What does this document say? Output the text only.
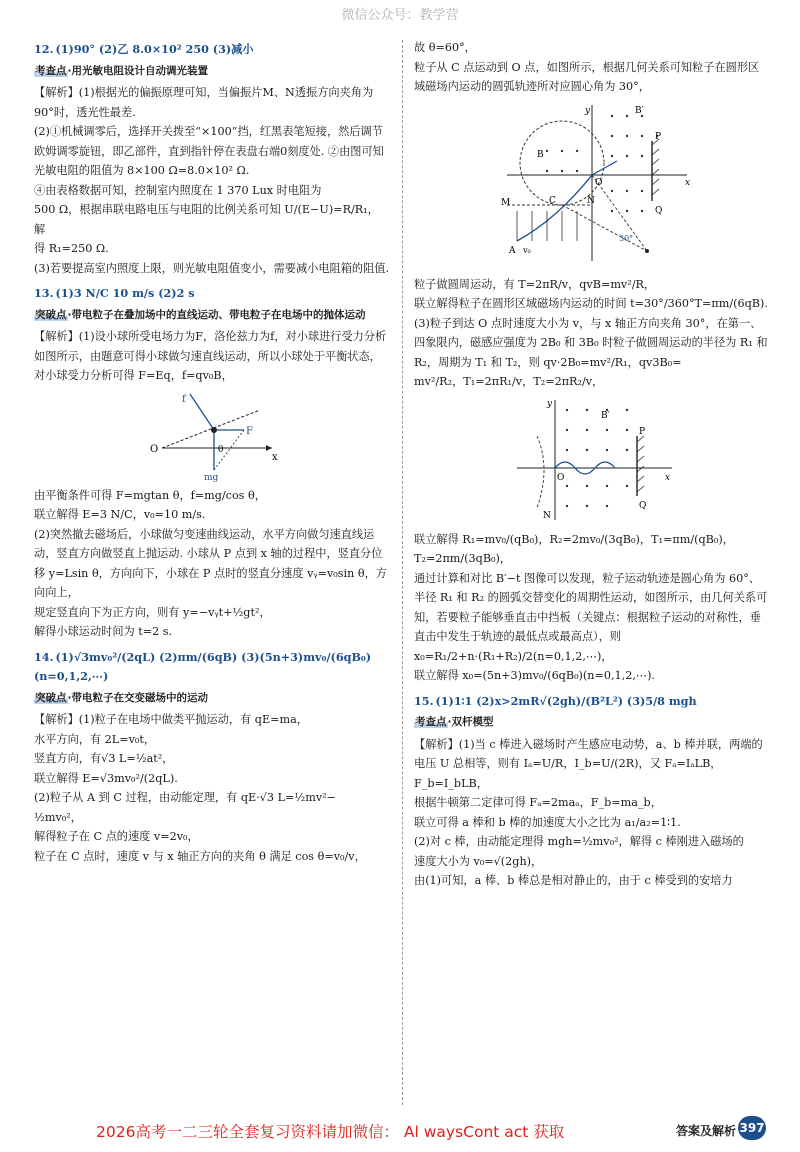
微信公众号：教学营

12. (1)90° (2)乙 8.0×10² 250 (3)减小

考查点·用光敏电阻设计自动调光装置

【解析】(1)根据光的偏振原理可知，当偏振片M、N透振方向夹角为90°时，透光性最差.

(2)①机械调零后，选择开关拨至“×100”挡，红黑表笔短接，然后调节欧姆调零旋钮，即乙部件，直到指针停在表盘右端0刻度处. ②由图可知光敏电阻的阻值为 8×100 Ω=8.0×10² Ω.

④由表格数据可知，控制室内照度在 1 370 Lux 时电阻为

500 Ω，根据串联电路电压与电阻的比例关系可知 U/(E−U)=R/R₁，解

得 R₁=250 Ω.

(3)若要提高室内照度上限，则光敏电阻值变小，需要减小电阻箱的阻值.

13. (1)3 N/C 10 m/s (2)2 s

突破点·带电粒子在叠加场中的直线运动、带电粒子在电场中的抛体运动

【解析】(1)设小球所受电场力为F，洛伦兹力为f，对小球进行受力分析如图所示，由题意可得小球做匀速直线运动，所以小球处于平衡状态，对小球受力分析可得 F=Eq，f=qv₀B，

f
F
θ
O
x
mg

由平衡条件可得 F=mgtan θ，f=mg/cos θ，

联立解得 E=3 N/C，v₀=10 m/s.

(2)突然撤去磁场后，小球做匀变速曲线运动，水平方向做匀速直线运动，竖直方向做竖直上抛运动. 小球从 P 点到 x 轴的过程中，竖直分位移 y=Lsin θ，方向向下，小球在 P 点时的竖直分速度 vᵧ=v₀sin θ，方向向上，

规定竖直向下为正方向，则有 y=−vᵧt+½gt²，

解得小球运动时间为 t=2 s.

14. (1)√3mv₀²/(2qL) (2)πm/(6qB) (3)(5n+3)mv₀/(6qB₀)(n=0,1,2,⋯)

突破点·带电粒子在交变磁场中的运动

【解析】(1)粒子在电场中做类平抛运动，有 qE=ma，

水平方向，有 2L=v₀t，

竖直方向，有√3 L=½at²，

联立解得 E=√3mv₀²/(2qL).

(2)粒子从 A 到 C 过程，由动能定理，有 qE·√3 L=½mv²−

½mv₀²，

解得粒子在 C 点的速度 v=2v₀，

粒子在 C 点时，速度 v 与 x 轴正方向的夹角 θ 满足 cos θ=v₀/v，

故 θ=60°，

粒子从 C 点运动到 O 点，如图所示，根据几何关系可知粒子在圆形区域磁场内运动的圆弧轨迹所对应圆心角为 30°，

y	B′
B
P
O	x
M	C	N
Q
A v₀
30°

粒子做圆周运动，有 T=2πR/v，qvB=mv²/R，

联立解得粒子在圆形区域磁场内运动的时间 t=30°/360°T=πm/(6qB).

(3)粒子到达 O 点时速度大小为 v，与 x 轴正方向夹角 30°，在第一、四象限内，磁感应强度为 2B₀ 和 3B₀ 时粒子做圆周运动的半径为 R₁ 和 R₂，周期为 T₁ 和 T₂，则 qv·2B₀=mv²/R₁，qv3B₀=

mv²/R₂，T₁=2πR₁/v，T₂=2πR₂/v，

y
B′
P
O	x
N
Q

联立解得 R₁=mv₀/(qB₀)，R₂=2mv₀/(3qB₀)，T₁=πm/(qB₀)，T₂=2πm/(3qB₀)，

通过计算和对比 B′−t 图像可以发现，粒子运动轨迹是圆心角为 60°、半径 R₁ 和 R₂ 的圆弧交替变化的周期性运动，如图所示，由几何关系可知，若要粒子能够垂直击中挡板（关键点：根据粒子运动的对称性，垂直击中发生于轨迹的最低点或最高点），则

x₀=R₁/2+n·(R₁+R₂)/2(n=0,1,2,⋯)，

联立解得 x₀=(5n+3)mv₀/(6qB₀)(n=0,1,2,⋯).

15. (1)1∶1 (2)x>2mR√(2gh)/(B²L²) (3)5/8 mgh

考查点·双杆模型

【解析】(1)当 c 棒进入磁场时产生感应电动势，a、b 棒并联，两端的电压 U 总相等，则有 Iₐ=U/R，I_b=U/(2R)，又 Fₐ=IₐLB，F_b=I_bLB，

根据牛顿第二定律可得 Fₐ=2maₐ，F_b=ma_b，

联立可得 a 棒和 b 棒的加速度大小之比为 a₁/a₂=1∶1.

(2)对 c 棒，由动能定理得 mgh=½mv₀²，解得 c 棒刚进入磁场的

速度大小为 v₀=√(2gh)，

由(1)可知，a 棒、b 棒总是相对静止的，由于 c 棒受到的安培力

2026高考一二三轮全套复习资料请加微信： Al waysCont act 获取	答案及解析 397
